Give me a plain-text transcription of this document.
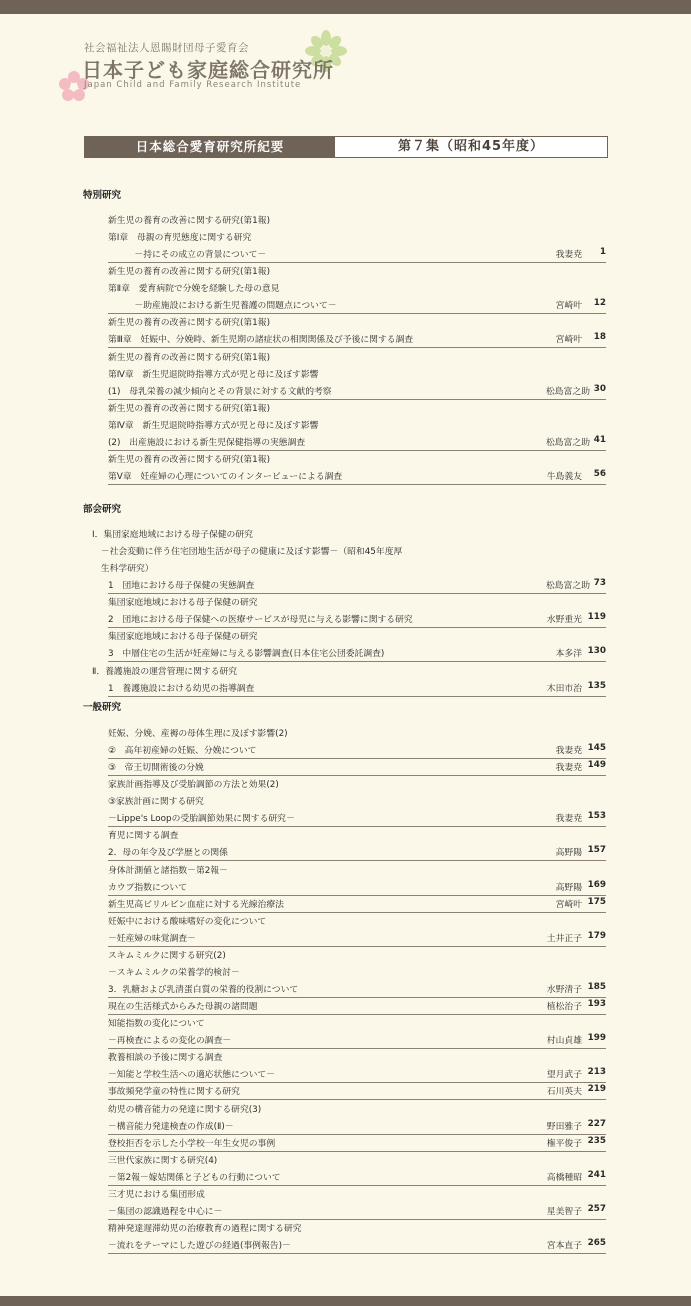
社会福祉法人恩賜財団母子愛育会
日本子ども家庭総合研究所
Japan Child and Family Research Institute
日本総合愛育研究所紀要	第７集（昭和45年度）
特別研究
新生児の養育の改善に関する研究(第1報)
第Ⅰ章　母親の育児態度に関する研究
　　　－持にその成立の背景について－	我妻尭 1
新生児の養育の改善に関する研究(第1報)
第Ⅱ章　愛育病院で分娩を経験した母の意見
　　　－助産施設における新生児養護の問題点について－	宮崎叶 12
新生児の養育の改善に関する研究(第1報)
第Ⅲ章　妊娠中、分娩時、新生児期の諸症状の相関関係及び予後に関する調査	宮崎叶 18
新生児の養育の改善に関する研究(第1報)
第Ⅳ章　新生児退院時指導方式が児と母に及ぼす影響
(1)　母乳栄養の減少傾向とその背景に対する文献的考察	松島富之助 30
新生児の養育の改善に関する研究(第1報)
第Ⅳ章　新生児退院時指導方式が児と母に及ぼす影響
(2)　出産施設における新生児保健指導の実態調査	松島富之助 41
新生児の養育の改善に関する研究(第1報)
第Ⅴ章　妊産婦の心理についてのインタービューによる調査	牛島義友 56
部会研究
Ⅰ．集団家庭地域における母子保健の研究
　－社会変動に伴う住宅団地生活が母子の健康に及ぼす影響－（昭和45年度厚
　生科学研究）
1　団地における母子保健の実態調査	松島富之助 73
集団家庭地域における母子保健の研究
2　団地における母子保健への医療サービスが母児に与える影響に関する研究	水野重光 119
集団家庭地域における母子保健の研究
3　中層住宅の生活が妊産婦に与える影響調査(日本住宅公団委託調査)	本多洋 130
Ⅱ．養護施設の運営管理に関する研究
1　養護施設における幼児の指導調査	木田市治 135
一般研究
妊娠、分娩、産褥の母体生理に及ぼす影響(2)
②　高年初産婦の妊娠、分娩について	我妻尭 145
③　帝王切開術後の分娩	我妻尭 149
家族計画指導及び受胎調節の方法と効果(2)
③家族計画に関する研究
－Lippe's Loopの受胎調節効果に関する研究－	我妻尭 153
育児に関する調査
2．母の年令及び学歴との関係	高野陽 157
身体計測値と諸指数－第2報－
カウプ指数について	高野陽 169
新生児高ビリルビン血症に対する光線治療法	宮崎叶 175
妊娠中における酸味嗜好の変化について
－妊産婦の味覚調査－	土井正子 179
スキムミルクに関する研究(2)
－スキムミルクの栄養学的検討－
3．乳糖および乳清蛋白質の栄養的役割について	水野清子 185
現在の生活様式からみた母親の諸問題	植松治子 193
知能指数の変化について
－再検査によるの変化の調査－	村山貞雄 199
教養相談の予後に関する調査
－知能と学校生活への適応状態について－	望月武子 213
事故頻発学童の特性に関する研究	石川英夫 219
幼児の構音能力の発達に関する研究(3)
－構音能力発達検査の作成(Ⅱ)－	野田雅子 227
登校拒否を示した小学校一年生女児の事例	権平俊子 235
三世代家族に関する研究(4)
－第2報－嫁姑関係と子どもの行動について	高橋種昭 241
三才児における集団形成
－集団の認識過程を中心に－	星美智子 257
精神発達遅滞幼児の治療教育の過程に関する研究
－流れをテーマにした遊びの経過(事例報告)－	宮本直子 265
